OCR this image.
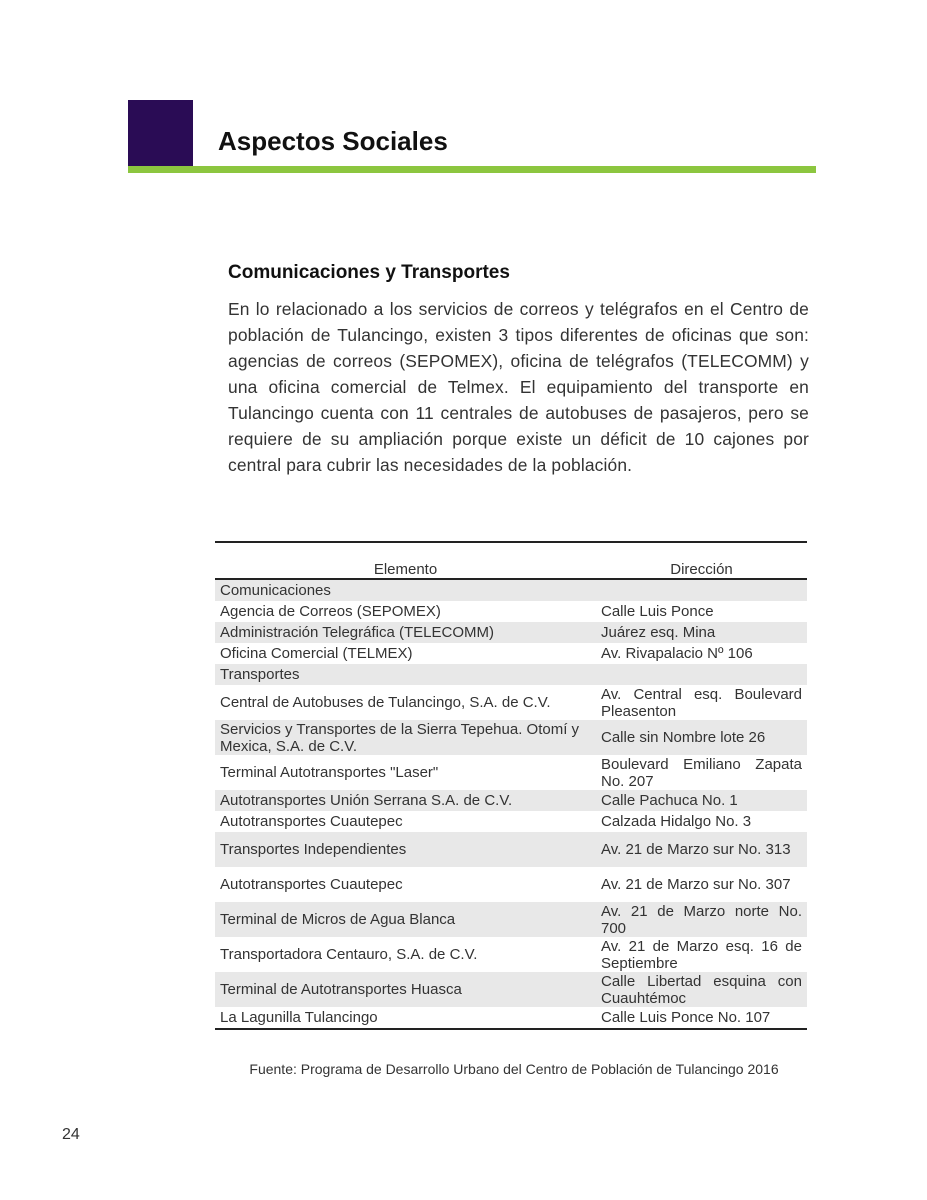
Aspectos Sociales
Comunicaciones y Transportes

En lo relacionado a los servicios de correos y telégrafos en el Centro de población de Tulancingo, existen 3 tipos diferentes de oficinas que son: agencias de correos (SEPOMEX), oficina de telégrafos (TELECOMM) y una oficina comercial de Telmex. El equipamiento del transporte en Tulancingo cuenta con 11 centrales de autobuses de pasajeros, pero se requiere de su ampliación porque existe un déficit de 10 cajones por central para cubrir las necesidades de la población.

Elemento	Dirección
Comunicaciones	
Agencia de Correos (SEPOMEX)	Calle Luis Ponce
Administración Telegráfica (TELECOMM)	Juárez esq. Mina
Oficina Comercial (TELMEX)	Av. Rivapalacio Nº 106
Transportes	
Central de Autobuses de Tulancingo, S.A. de C.V.	Av. Central esq. Boulevard Pleasenton
Servicios y Transportes de la Sierra Tepehua. Otomí y Mexica, S.A. de C.V.	Calle sin Nombre lote 26
Terminal Autotransportes "Laser"	Boulevard Emiliano Zapata No. 207
Autotransportes Unión Serrana S.A. de C.V.	Calle Pachuca No. 1
Autotransportes Cuautepec	Calzada Hidalgo No. 3
Transportes Independientes	Av. 21 de Marzo sur No. 313
Autotransportes Cuautepec	Av. 21 de Marzo sur No. 307
Terminal de Micros de Agua Blanca	Av. 21 de Marzo norte No. 700
Transportadora Centauro, S.A. de C.V.	Av. 21 de Marzo esq. 16 de Septiembre
Terminal de Autotransportes Huasca	Calle Libertad esquina con Cuauhtémoc
La Lagunilla Tulancingo	Calle Luis Ponce No. 107

Fuente: Programa de Desarrollo Urbano del Centro de Población de Tulancingo 2016

24
